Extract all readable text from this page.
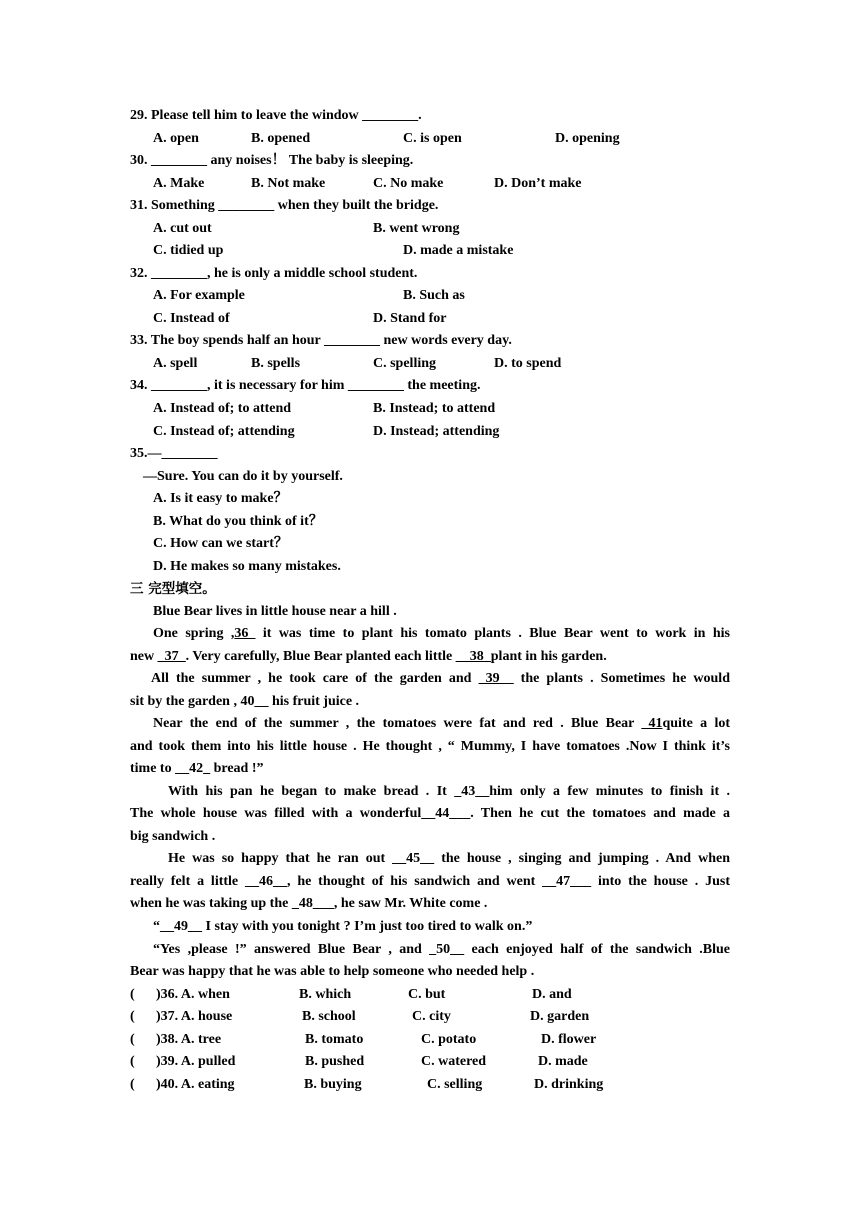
29. Please tell him to leave the window ________.
A. open	B. opened	C. is open	D. opening
30. ________ any noises！ The baby is sleeping.
A. Make	B. Not make	C. No make	D. Don’t make
31. Something ________ when they built the bridge.
A. cut out	B. went wrong
C. tidied up	D. made a mistake
32. ________, he is only a middle school student.
A. For example	B. Such as
C. Instead of	D. Stand for
33. The boy spends half an hour ________ new words every day.
A. spell	B. spells	C. spelling	D. to spend
34. ________, it is necessary for him ________ the meeting.
A. Instead of; to attend	B. Instead; to attend
C. Instead of; attending	D. Instead; attending
35.—________
—Sure. You can do it by yourself.
A. Is it easy to make？
B. What do you think of it？
C. How can we start？
D. He makes so many mistakes.
三 完型填空。
Blue Bear lives in little house near a hill .
One spring ,36_ it was time to plant his tomato plants . Blue Bear went to work in his
new _37_. Very carefully, Blue Bear planted each little __38_plant in his garden.
All the summer , he took care of the garden and _39__ the plants . Sometimes he would
sit by the garden , 40__ his fruit juice .
Near the end of the summer , the tomatoes were fat and red . Blue Bear _41quite a lot
and took them into his little house . He thought , “ Mummy, I have tomatoes .Now I think it’s
time to __42_ bread !”
With his pan he began to make bread . It _43__him only a few minutes to finish it .
The whole house was filled with a wonderful__44___. Then he cut the tomatoes and made a
big sandwich .
He was so happy that he ran out __45__ the house , singing and jumping . And when
really felt a little __46__, he thought of his sandwich and went __47___ into the house . Just
when he was taking up the _48___, he saw Mr. White come .
“__49__ I stay with you tonight ? I’m just too tired to walk on.”
“Yes ,please !” answered Blue Bear , and _50__ each enjoyed half of the sandwich .Blue
Bear was happy that he was able to help someone who needed help .
( )36. A. when	B. which	C. but	D. and
( )37. A. house	B. school	C. city	D. garden
( )38. A. tree	B. tomato	C. potato	D. flower
( )39. A. pulled	B. pushed	C. watered	D. made
( )40. A. eating	B. buying	C. selling	D. drinking
